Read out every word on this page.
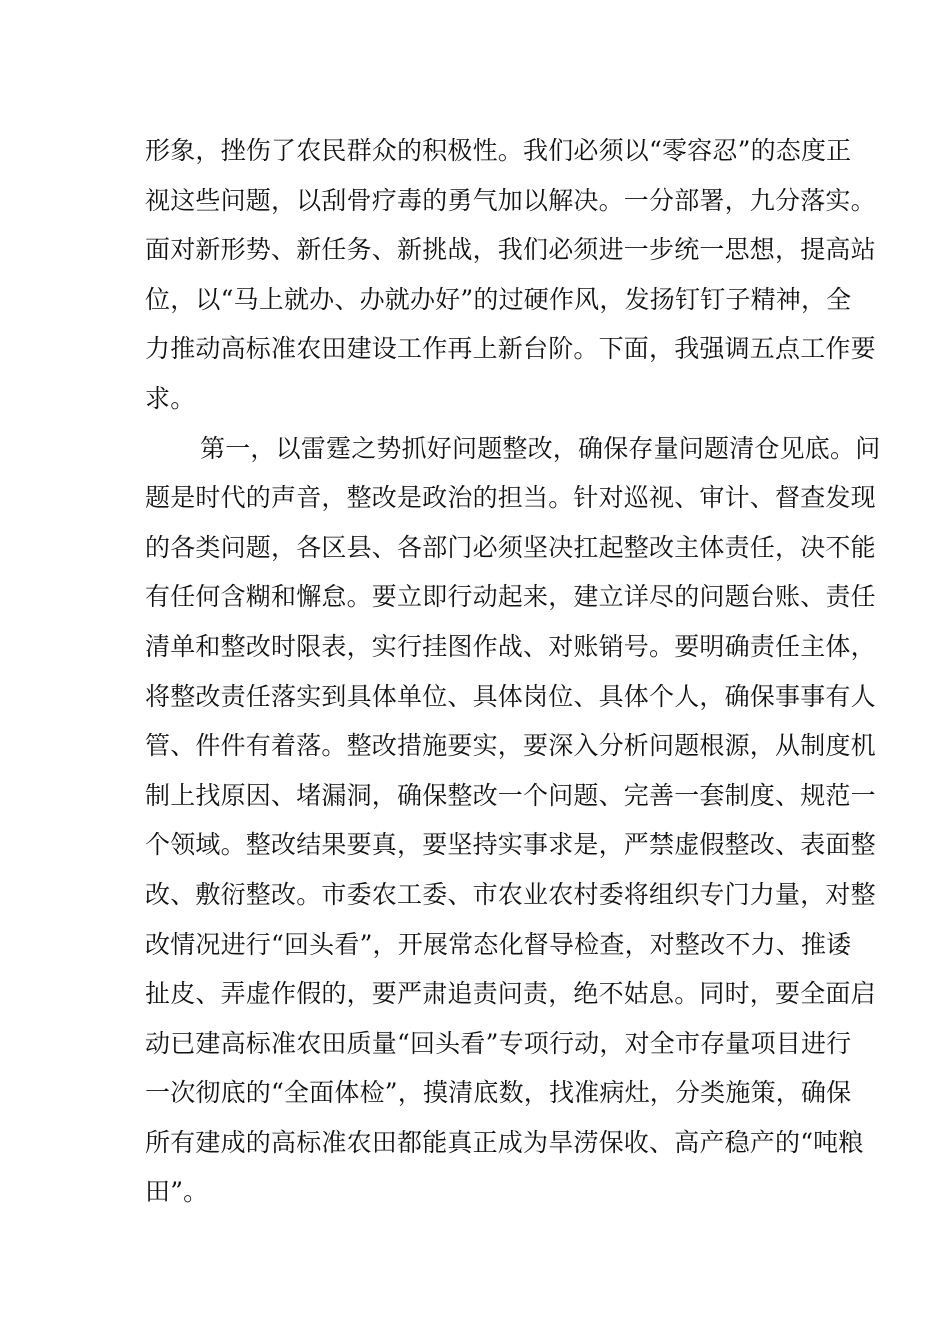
形象，挫伤了农民群众的积极性。我们必须以“零容忍”的态度正
视这些问题，以刮骨疗毒的勇气加以解决。一分部署，九分落实。
面对新形势、新任务、新挑战，我们必须进一步统一思想，提高站
位，以“马上就办、办就办好”的过硬作风，发扬钉钉子精神，全
力推动高标准农田建设工作再上新台阶。下面，我强调五点工作要
求。
第一，以雷霆之势抓好问题整改，确保存量问题清仓见底。问
题是时代的声音，整改是政治的担当。针对巡视、审计、督查发现
的各类问题，各区县、各部门必须坚决扛起整改主体责任，决不能
有任何含糊和懈怠。要立即行动起来，建立详尽的问题台账、责任
清单和整改时限表，实行挂图作战、对账销号。要明确责任主体，
将整改责任落实到具体单位、具体岗位、具体个人，确保事事有人
管、件件有着落。整改措施要实，要深入分析问题根源，从制度机
制上找原因、堵漏洞，确保整改一个问题、完善一套制度、规范一
个领域。整改结果要真，要坚持实事求是，严禁虚假整改、表面整
改、敷衍整改。市委农工委、市农业农村委将组织专门力量，对整
改情况进行“回头看”，开展常态化督导检查，对整改不力、推诿
扯皮、弄虚作假的，要严肃追责问责，绝不姑息。同时，要全面启
动已建高标准农田质量“回头看”专项行动，对全市存量项目进行
一次彻底的“全面体检”，摸清底数，找准病灶，分类施策，确保
所有建成的高标准农田都能真正成为旱涝保收、高产稳产的“吨粮
田”。
